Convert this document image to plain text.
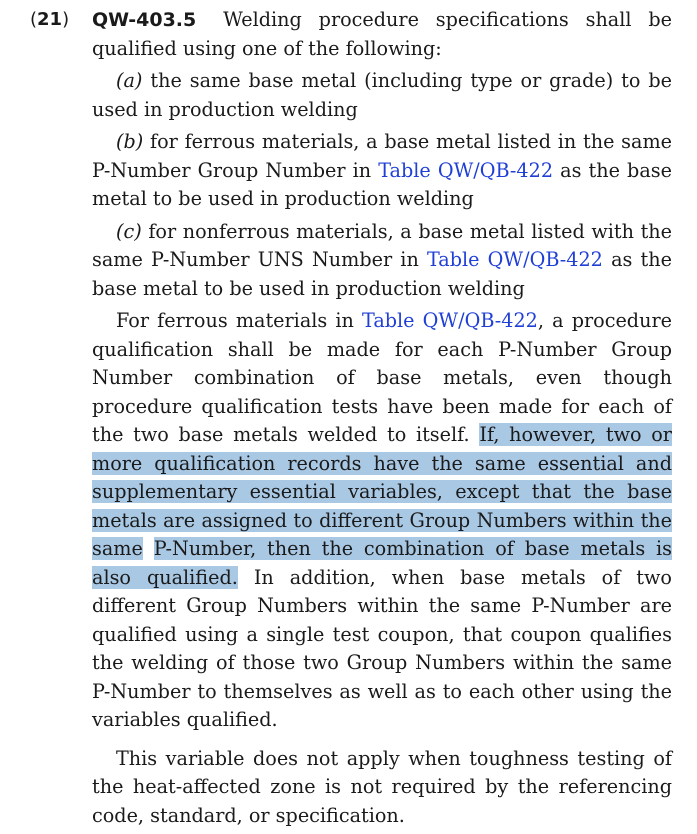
(21) QW-403.5 Welding procedure specifications shall be qualified using one of the following:

(a) the same base metal (including type or grade) to be used in production welding

(b) for ferrous materials, a base metal listed in the same P-Number Group Number in Table QW/QB-422 as the base metal to be used in production welding

(c) for nonferrous materials, a base metal listed with the same P-Number UNS Number in Table QW/QB-422 as the base metal to be used in production welding

For ferrous materials in Table QW/QB-422, a procedure qualification shall be made for each P-Number Group Number combination of base metals, even though procedure qualification tests have been made for each of the two base metals welded to itself. If, however, two or more qualification records have the same essential and supplementary essential variables, except that the base metals are assigned to different Group Numbers within the same P-Number, then the combination of base metals is also qualified. In addition, when base metals of two different Group Numbers within the same P-Number are qualified using a single test coupon, that coupon qualifies the welding of those two Group Numbers within the same P-Number to themselves as well as to each other using the variables qualified.

This variable does not apply when toughness testing of the heat-affected zone is not required by the referencing code, standard, or specification.
